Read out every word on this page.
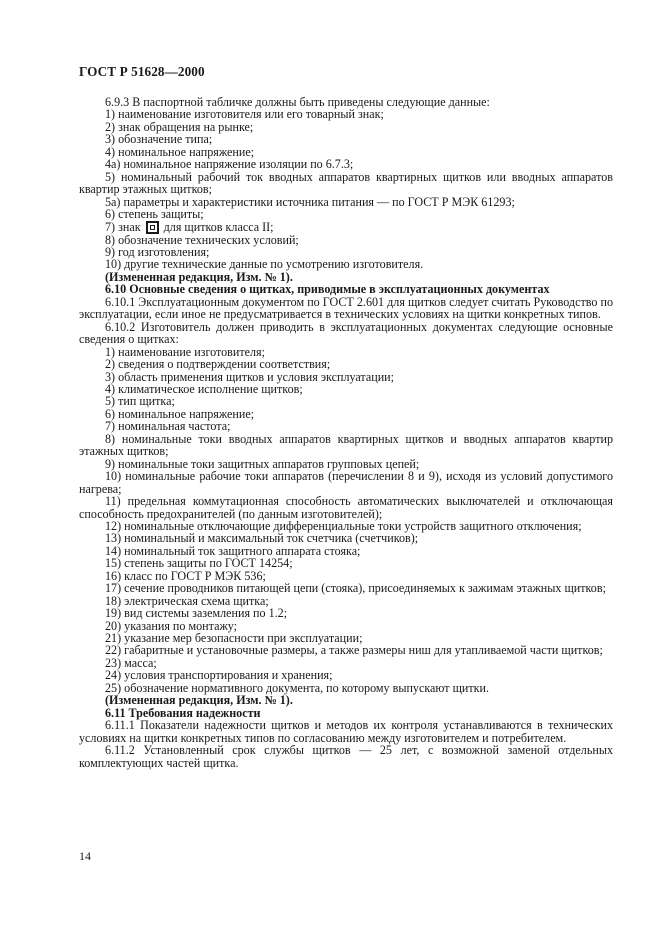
ГОСТ Р 51628—2000

6.9.3 В паспортной табличке должны быть приведены следующие данные:

1) наименование изготовителя или его товарный знак;

2) знак обращения на рынке;

3) обозначение типа;

4) номинальное напряжение;

4а) номинальное напряжение изоляции по 6.7.3;

5) номинальный рабочий ток вводных аппаратов квартирных щитков или вводных аппаратов квартир этажных щитков;

5а) параметры и характеристики источника питания — по ГОСТ Р МЭК 61293;

6) степень защиты;

7) знак для щитков класса II;

8) обозначение технических условий;

9) год изготовления;

10) другие технические данные по усмотрению изготовителя.

(Измененная редакция, Изм. № 1).

6.10 Основные сведения о щитках, приводимые в эксплуатационных документах

6.10.1 Эксплуатационным документом по ГОСТ 2.601 для щитков следует считать Руководство по эксплуатации, если иное не предусматривается в технических условиях на щитки конкретных типов.

6.10.2 Изготовитель должен приводить в эксплуатационных документах следующие основные сведения о щитках:

1) наименование изготовителя;

2) сведения о подтверждении соответствия;

3) область применения щитков и условия эксплуатации;

4) климатическое исполнение щитков;

5) тип щитка;

6) номинальное напряжение;

7) номинальная частота;

8) номинальные токи вводных аппаратов квартирных щитков и вводных аппаратов квартир этажных щитков;

9) номинальные токи защитных аппаратов групповых цепей;

10) номинальные рабочие токи аппаратов (перечислении 8 и 9), исходя из условий допустимого нагрева;

11) предельная коммутационная способность автоматических выключателей и отключающая способность предохранителей (по данным изготовителей);

12) номинальные отключающие дифференциальные токи устройств защитного отключения;

13) номинальный и максимальный ток счетчика (счетчиков);

14) номинальный ток защитного аппарата стояка;

15) степень защиты по ГОСТ 14254;

16) класс по ГОСТ Р МЭК 536;

17) сечение проводников питающей цепи (стояка), присоединяемых к зажимам этажных щитков;

18) электрическая схема щитка;

19) вид системы заземления по 1.2;

20) указания по монтажу;

21) указание мер безопасности при эксплуатации;

22) габаритные и установочные размеры, а также размеры ниш для утапливаемой части щитков;

23) масса;

24) условия транспортирования и хранения;

25) обозначение нормативного документа, по которому выпускают щитки.

(Измененная редакция, Изм. № 1).

6.11 Требования надежности

6.11.1 Показатели надежности щитков и методов их контроля устанавливаются в технических условиях на щитки конкретных типов по согласованию между изготовителем и потребителем.

6.11.2 Установленный срок службы щитков — 25 лет, с возможной заменой отдельных комплектующих частей щитка.

14
